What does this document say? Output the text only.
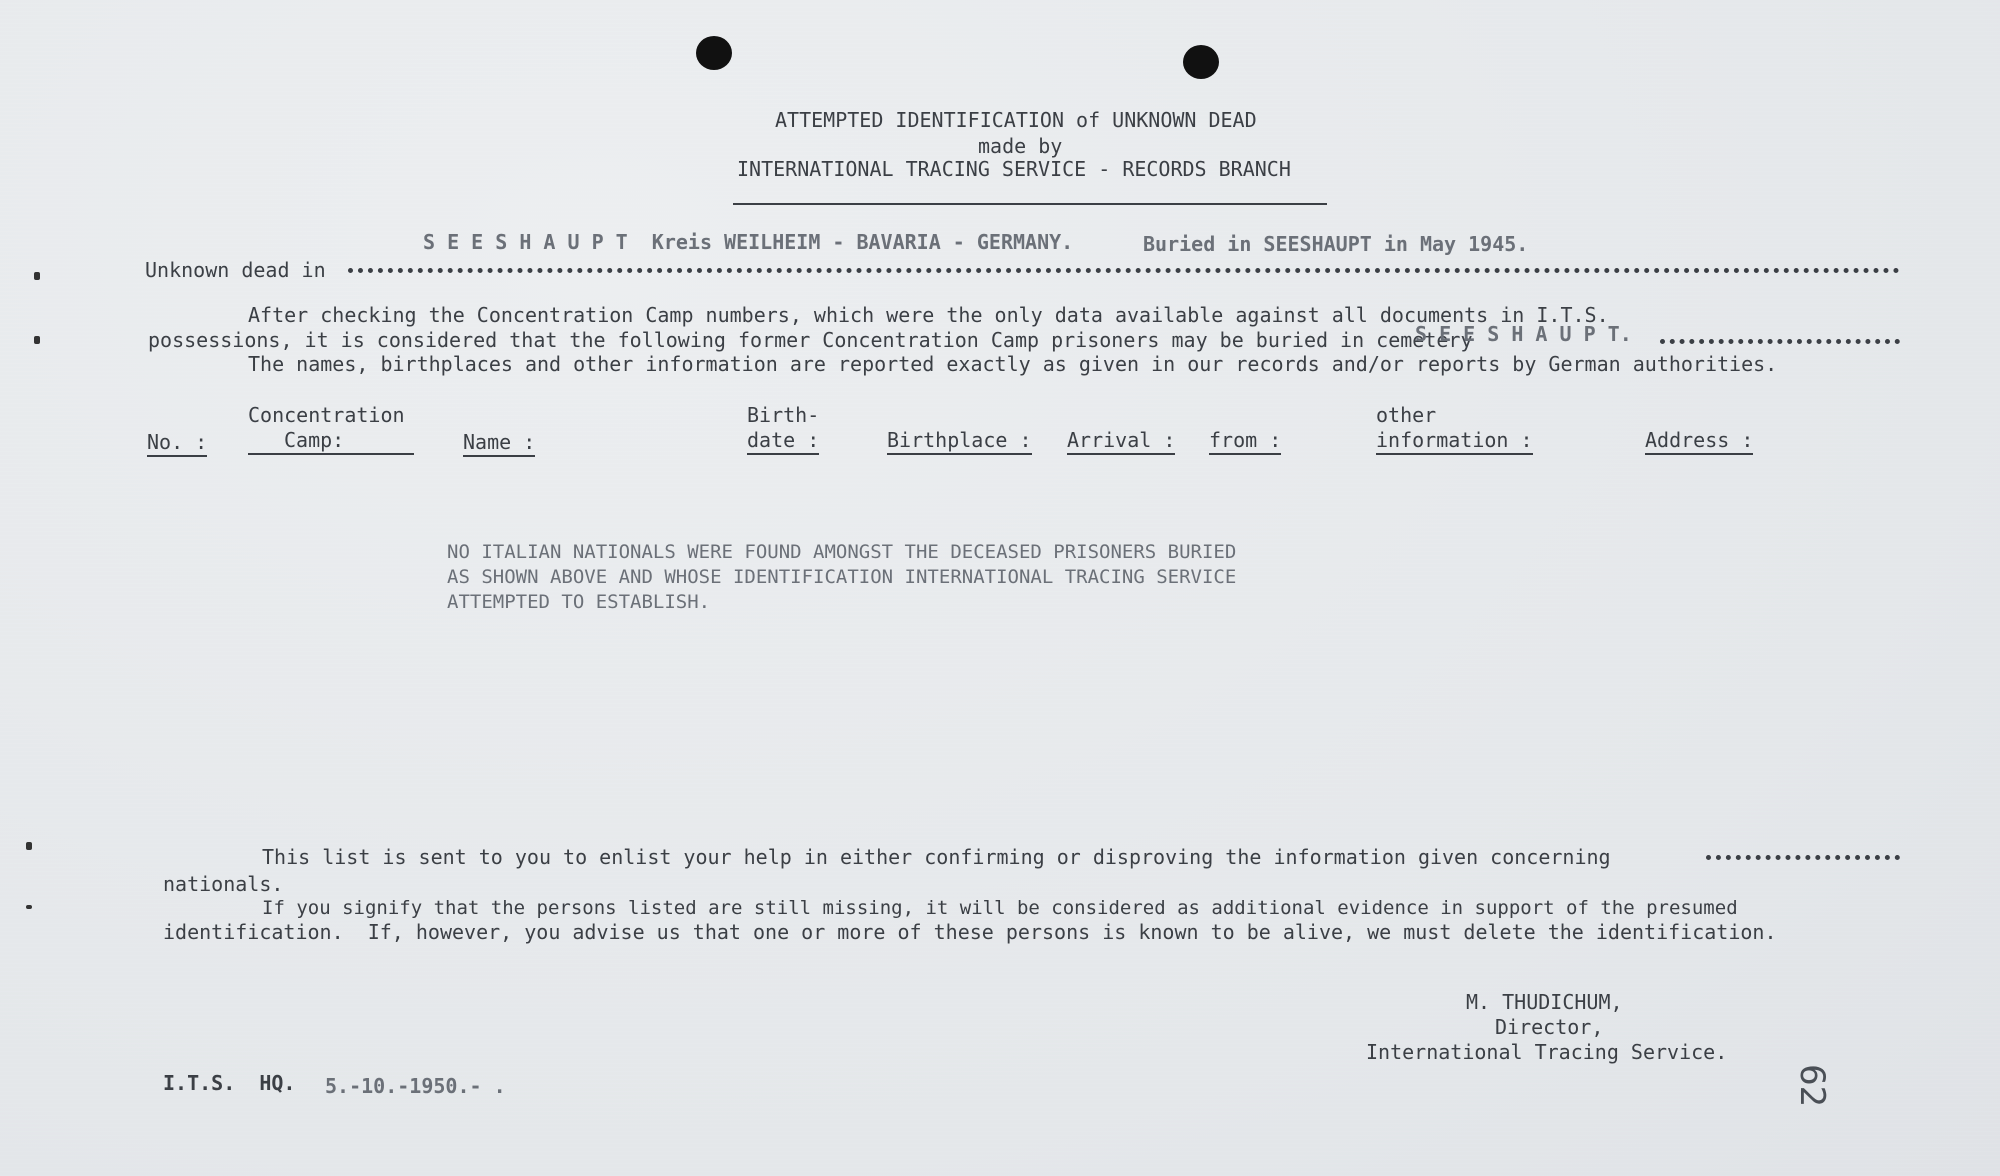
ATTEMPTED IDENTIFICATION of UNKNOWN DEAD
made by
INTERNATIONAL TRACING SERVICE - RECORDS BRANCH
S E E S H A U P T  Kreis WEILHEIM - BAVARIA - GERMANY.	Buried in SEESHAUPT in May 1945.
Unknown dead in
After checking the Concentration Camp numbers, which were the only data available against all documents in I.T.S.
possessions, it is considered that the following former Concentration Camp prisoners may be buried in cemetery
S E E S H A U P T.
The names, birthplaces and other information are reported exactly as given in our records and/or reports by German authorities.
No. :
Concentration
Camp:	Name :
Birth-
date :	Birthplace : Arrival : from :
other
information :	Address :
NO ITALIAN NATIONALS WERE FOUND AMONGST THE DECEASED PRISONERS BURIED
AS SHOWN ABOVE AND WHOSE IDENTIFICATION INTERNATIONAL TRACING SERVICE
ATTEMPTED TO ESTABLISH.
This list is sent to you to enlist your help in either confirming or disproving the information given concerning
nationals.
If you signify that the persons listed are still missing, it will be considered as additional evidence in support of the presumed
identification.  If, however, you advise us that one or more of these persons is known to be alive, we must delete the identification.
M. THUDICHUM,
Director,
International Tracing Service.
I.T.S.  HQ. 5.-10.-1950.- .	62
